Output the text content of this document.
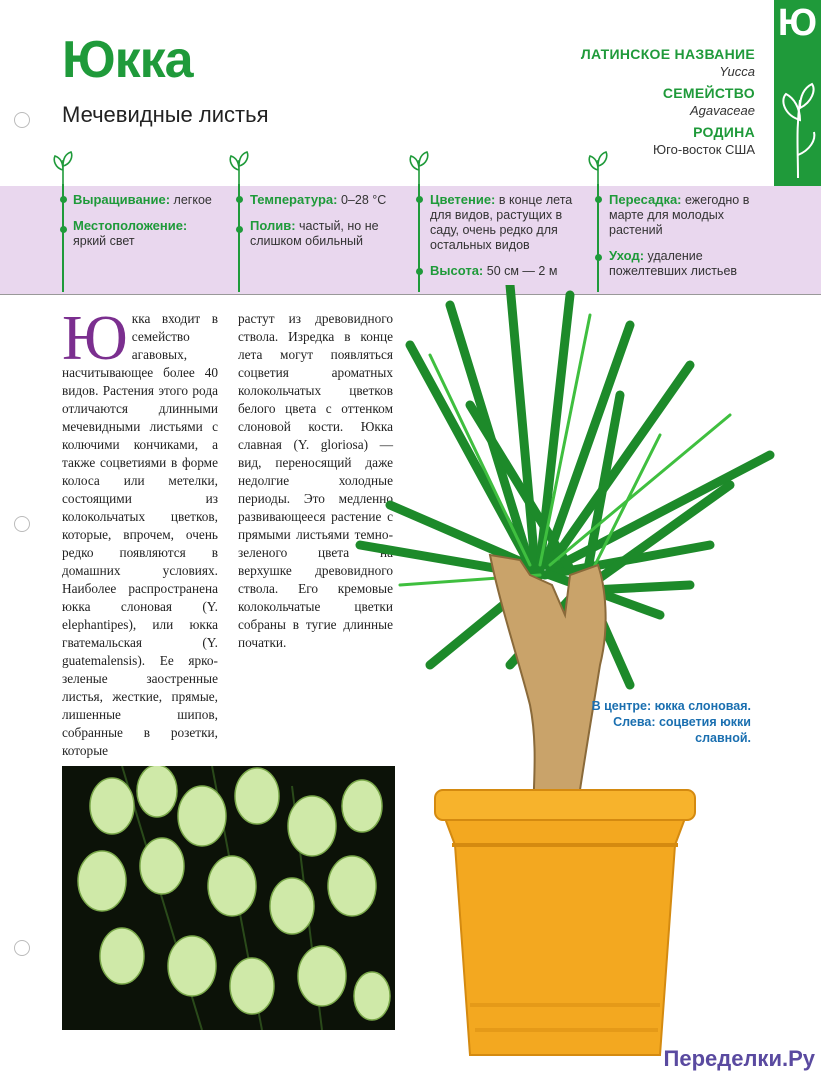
Юкка
Мечевидные листья
ЛАТИНСКОЕ НАЗВАНИЕ
Yucca
СЕМЕЙСТВО
Agavaceae
РОДИНА
Юго-восток США
Ю
Выращивание: легкое
Местоположение:
яркий свет
Температура: 0–28 °С
Полив: частый, но не слишком обильный
Цветение: в конце лета для видов, растущих в саду, очень редко для остальных видов
Высота: 50 см — 2 м
Пересадка: ежегодно в марте для молодых растений
Уход: удаление пожелтевших листьев
Юкка входит в семействo агавовых, насчитывающее более 40 видов. Растения этого рода отличаются длинными мечевидными листьями с колючими кончиками, а также соцветиями в форме колоса или метелки, состоящими из колокольчатых цветков, которые, впрочем, очень редко появляются в домашних условиях. Наиболее распространена юкка слоновая (Y. elephantipes), или юкка гватемальская (Y. guatemalensis). Ее ярко-зеленые заостренные листья, жесткие, прямые, лишенные шипов, собранные в розетки, которые
растут из древовидного ствола. Изредка в конце лета могут появляться соцветия ароматных колокольчатых цветков белого цвета с оттенком слоновой кости. Юкка славная (Y. gloriosa) — вид, переносящий даже недолгие холодные периоды. Это медленно развивающееся растение с прямыми листьями темно-зеленого цвета на верхушке древовидного ствола. Его кремовые колокольчатые цветки собраны в тугие длинные початки.
В центре: юкка слоновая.
Слева: соцветия юкки славной.
Переделки.Ру
